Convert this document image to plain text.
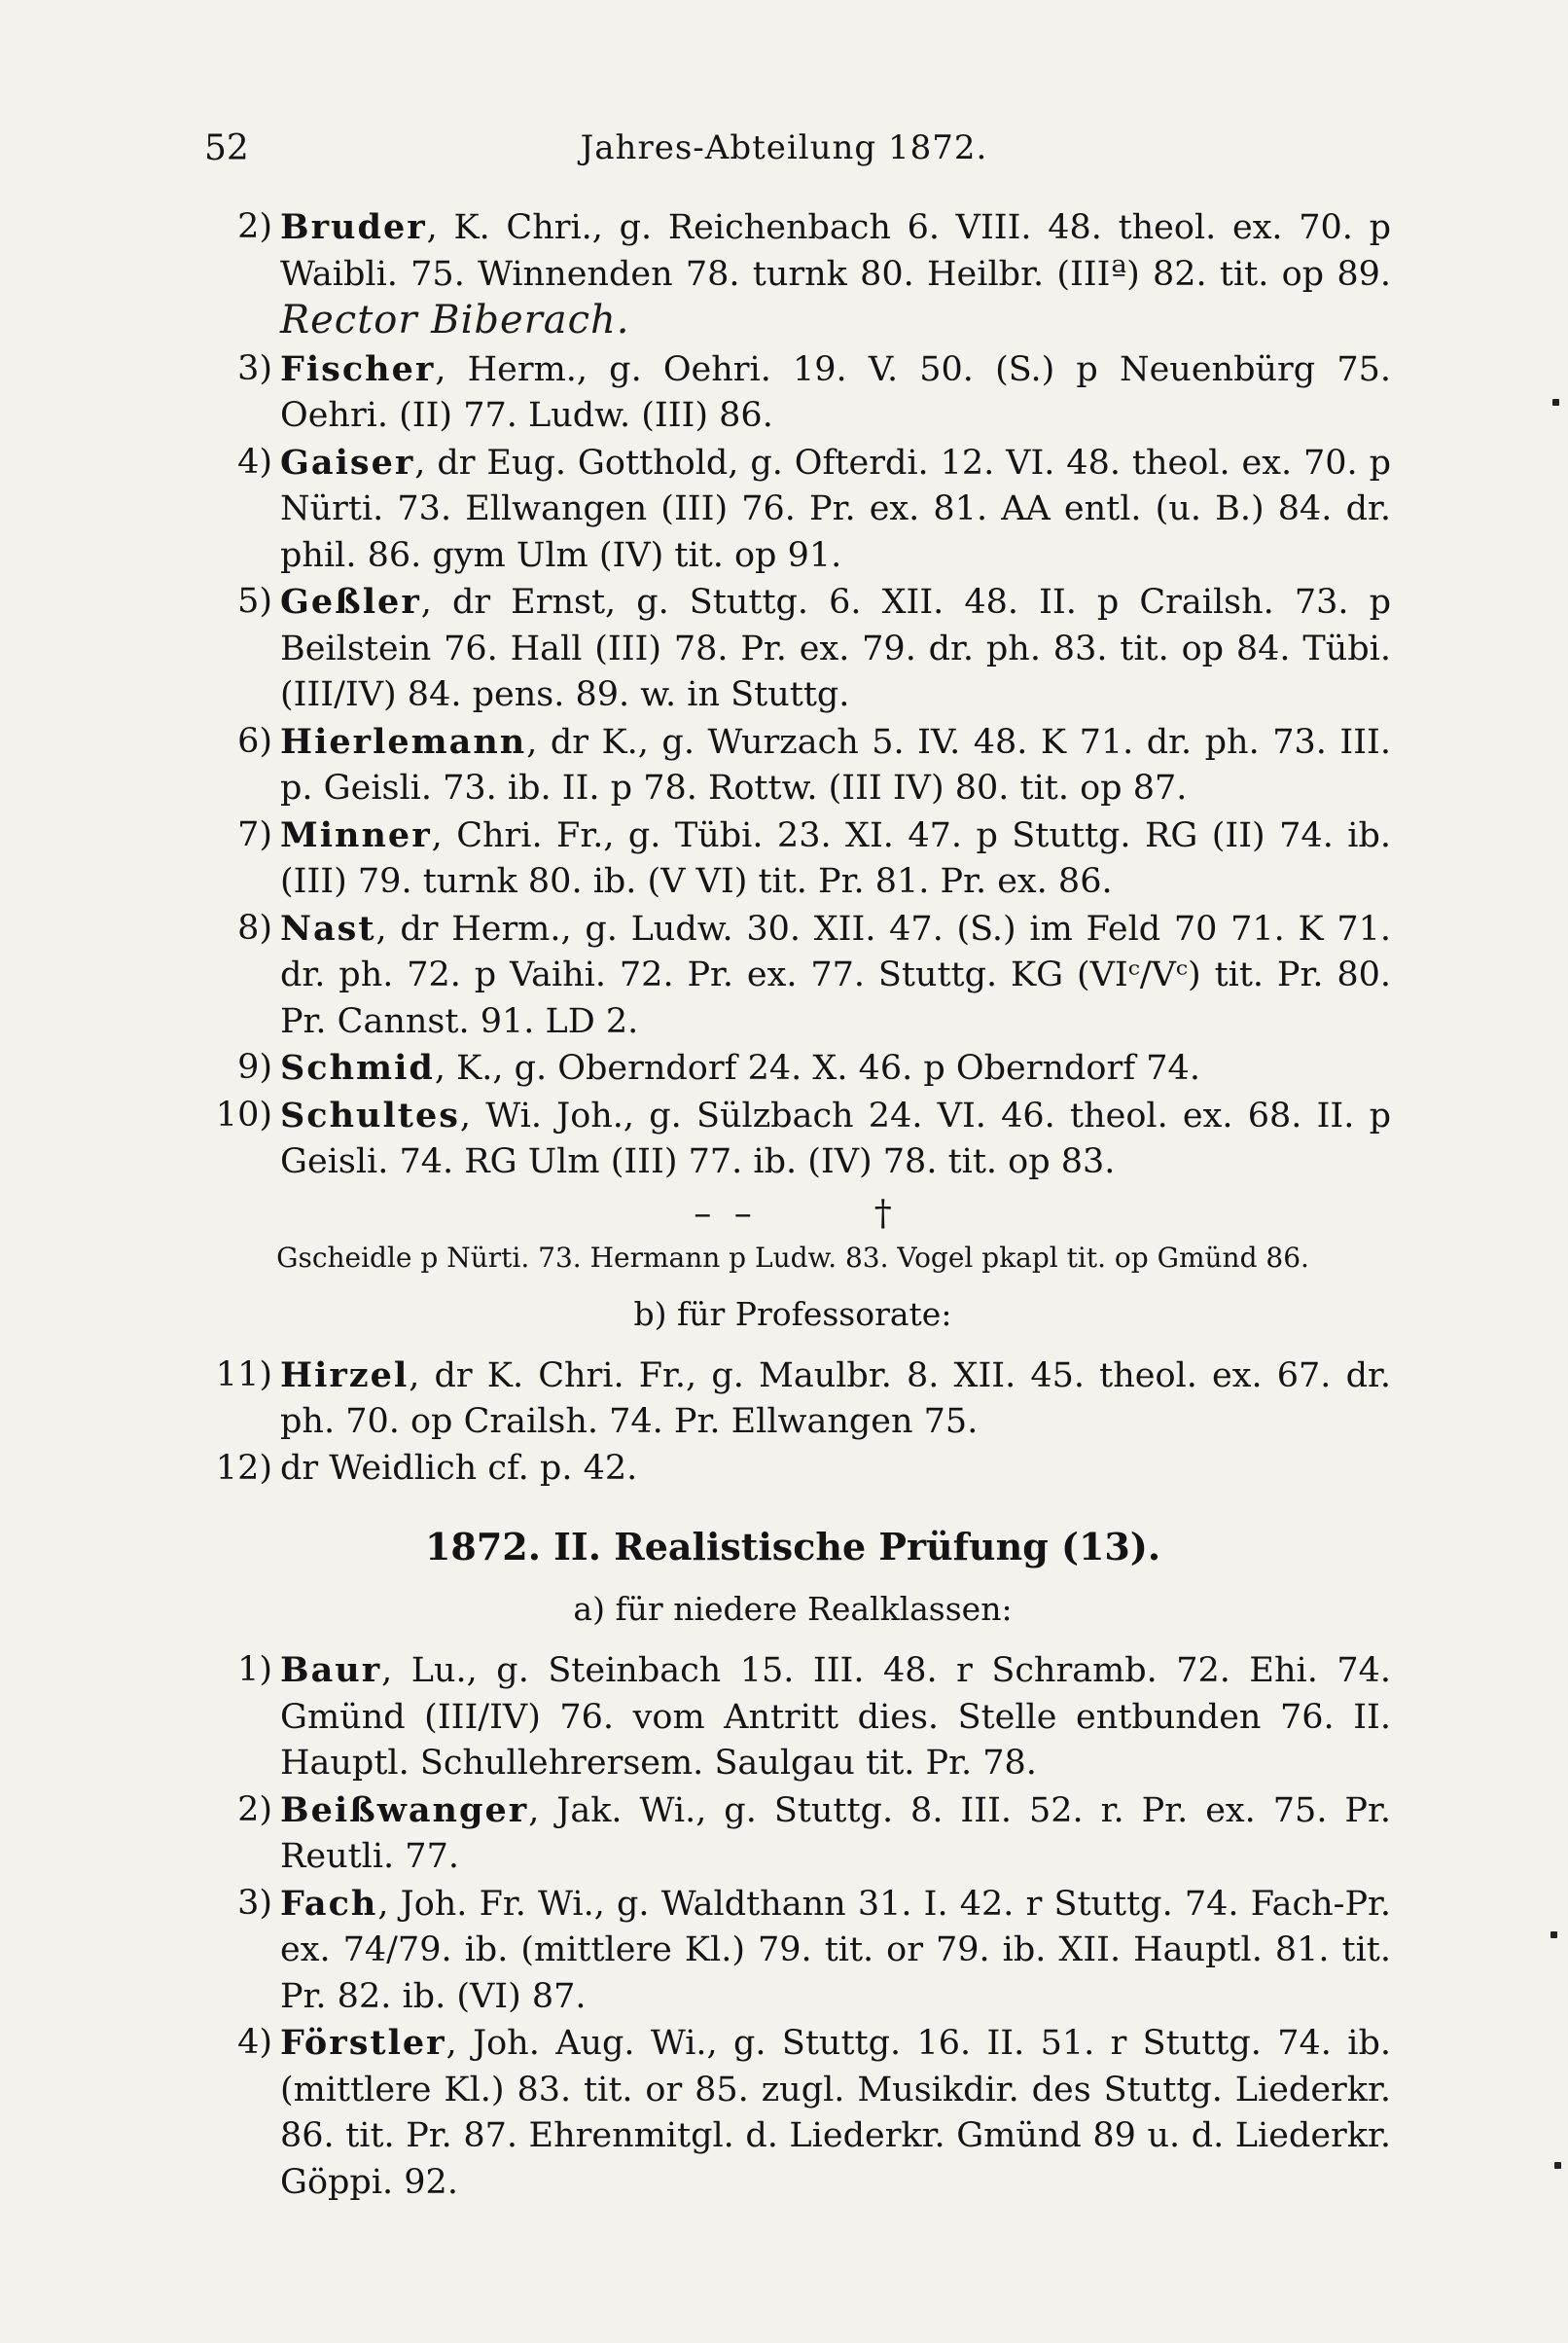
52	Jahres-Abteilung 1872.
2) Bruder, K. Chri., g. Reichenbach 6. VIII. 48. theol. ex. 70. p Waibli. 75. Winnenden 78. turnk 80. Heilbr. (IIIª) 82. tit. op 89. Rector Biberach.
3) Fischer, Herm., g. Oehri. 19. V. 50. (S.) p Neuenbürg 75. Oehri. (II) 77. Ludw. (III) 86.
4) Gaiser, dr Eug. Gotthold, g. Ofterdi. 12. VI. 48. theol. ex. 70. p Nürti. 73. Ellwangen (III) 76. Pr. ex. 81. AA entl. (u. B.) 84. dr. phil. 86. gym Ulm (IV) tit. op 91.
5) Geßler, dr Ernst, g. Stuttg. 6. XII. 48. II. p Crailsh. 73. p Beilstein 76. Hall (III) 78. Pr. ex. 79. dr. ph. 83. tit. op 84. Tübi. (III/IV) 84. pens. 89. w. in Stuttg.
6) Hierlemann, dr K., g. Wurzach 5. IV. 48. K 71. dr. ph. 73. III. p. Geisli. 73. ib. II. p 78. Rottw. (III IV) 80. tit. op 87.
7) Minner, Chri. Fr., g. Tübi. 23. XI. 47. p Stuttg. RG (II) 74. ib. (III) 79. turnk 80. ib. (V VI) tit. Pr. 81. Pr. ex. 86.
8) Nast, dr Herm., g. Ludw. 30. XII. 47. (S.) im Feld 70 71. K 71. dr. ph. 72. p Vaihi. 72. Pr. ex. 77. Stuttg. KG (VIᶜ/Vᶜ) tit. Pr. 80. Pr. Cannst. 91. LD 2.
9) Schmid, K., g. Oberndorf 24. X. 46. p Oberndorf 74.
10) Schultes, Wi. Joh., g. Sülzbach 24. VI. 46. theol. ex. 68. II. p Geisli. 74. RG Ulm (III) 77. ib. (IV) 78. tit. op 83.
– –	†
Gscheidle p Nürti. 73. Hermann p Ludw. 83. Vogel pkapl tit. op Gmünd 86.
b) für Professorate:
11) Hirzel, dr K. Chri. Fr., g. Maulbr. 8. XII. 45. theol. ex. 67. dr. ph. 70. op Crailsh. 74. Pr. Ellwangen 75.
12) dr Weidlich cf. p. 42.
1872. II. Realistische Prüfung (13).
a) für niedere Realklassen:
1) Baur, Lu., g. Steinbach 15. III. 48. r Schramb. 72. Ehi. 74. Gmünd (III/IV) 76. vom Antritt dies. Stelle entbunden 76. II. Hauptl. Schullehrersem. Saulgau tit. Pr. 78.
2) Beißwanger, Jak. Wi., g. Stuttg. 8. III. 52. r. Pr. ex. 75. Pr. Reutli. 77.
3) Fach, Joh. Fr. Wi., g. Waldthann 31. I. 42. r Stuttg. 74. Fach-Pr. ex. 74/79. ib. (mittlere Kl.) 79. tit. or 79. ib. XII. Hauptl. 81. tit. Pr. 82. ib. (VI) 87.
4) Förstler, Joh. Aug. Wi., g. Stuttg. 16. II. 51. r Stuttg. 74. ib. (mittlere Kl.) 83. tit. or 85. zugl. Musikdir. des Stuttg. Liederkr. 86. tit. Pr. 87. Ehrenmitgl. d. Liederkr. Gmünd 89 u. d. Liederkr. Göppi. 92.
